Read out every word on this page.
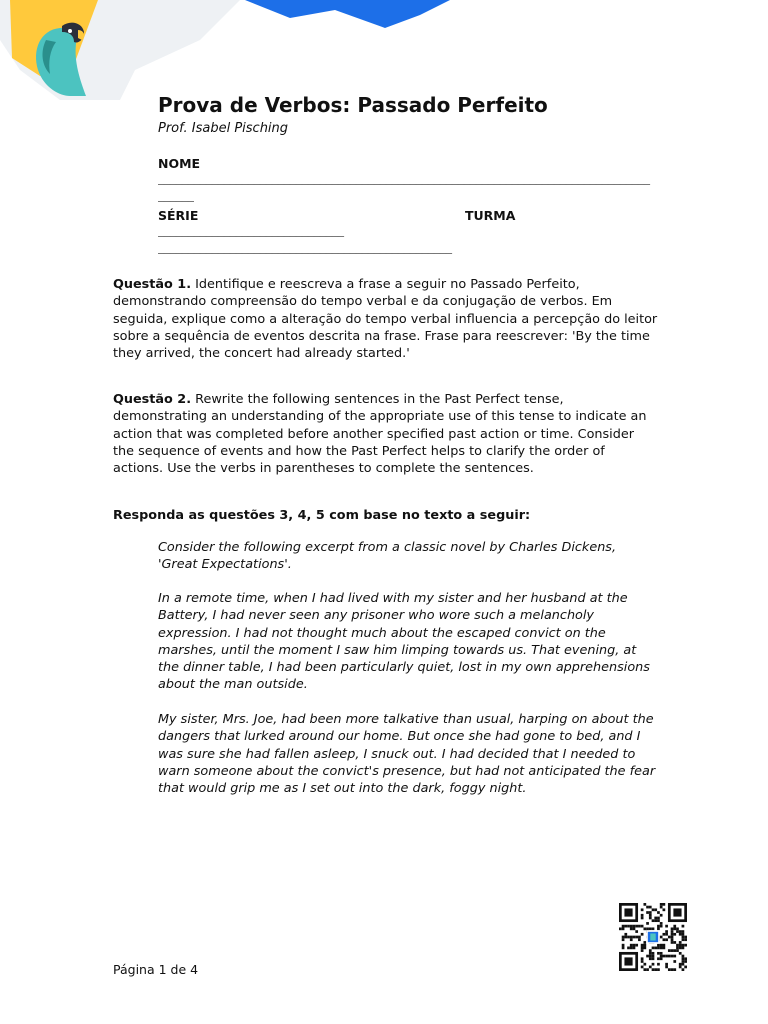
Prova de Verbos: Passado Perfeito
Prof. Isabel Pisching
NOME
__________________________________________________________________________________
______
SÉRIE	TURMA
_______________________________
_________________________________________________
Questão 1. Identifique e reescreva a frase a seguir no Passado Perfeito, demonstrando compreensão do tempo verbal e da conjugação de verbos. Em seguida, explique como a alteração do tempo verbal influencia a percepção do leitor sobre a sequência de eventos descrita na frase. Frase para reescrever: 'By the time they arrived, the concert had already started.'
Questão 2. Rewrite the following sentences in the Past Perfect tense, demonstrating an understanding of the appropriate use of this tense to indicate an action that was completed before another specified past action or time. Consider the sequence of events and how the Past Perfect helps to clarify the order of actions. Use the verbs in parentheses to complete the sentences.
Responda as questões 3, 4, 5 com base no texto a seguir:
Consider the following excerpt from a classic novel by Charles Dickens, 'Great Expectations'.
In a remote time, when I had lived with my sister and her husband at the Battery, I had never seen any prisoner who wore such a melancholy expression. I had not thought much about the escaped convict on the marshes, until the moment I saw him limping towards us. That evening, at the dinner table, I had been particularly quiet, lost in my own apprehensions about the man outside.
My sister, Mrs. Joe, had been more talkative than usual, harping on about the dangers that lurked around our home. But once she had gone to bed, and I was sure she had fallen asleep, I snuck out. I had decided that I needed to warn someone about the convict's presence, but had not anticipated the fear that would grip me as I set out into the dark, foggy night.
Página 1 de 4
